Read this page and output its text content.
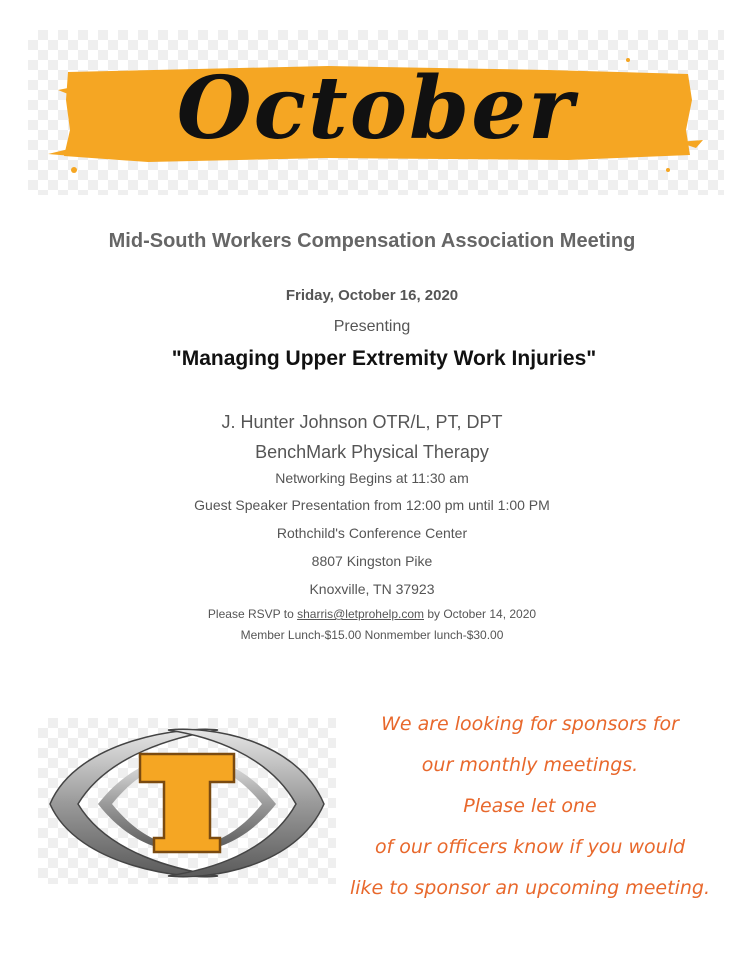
October
Mid-South Workers Compensation Association Meeting
Friday, October 16, 2020
Presenting
"Managing Upper Extremity Work Injuries"
J. Hunter Johnson OTR/L, PT, DPT
BenchMark Physical Therapy
Networking Begins at 11:30 am
Guest Speaker Presentation from 12:00 pm until 1:00 PM
Rothchild's Conference Center
8807 Kingston Pike
Knoxville, TN 37923
Please RSVP to sharris@letprohelp.com by October 14, 2020
Member Lunch-$15.00 Nonmember lunch-$30.00
We are looking for sponsors for
our monthly meetings.
Please let one
of our officers know if you would
like to sponsor an upcoming meeting.
